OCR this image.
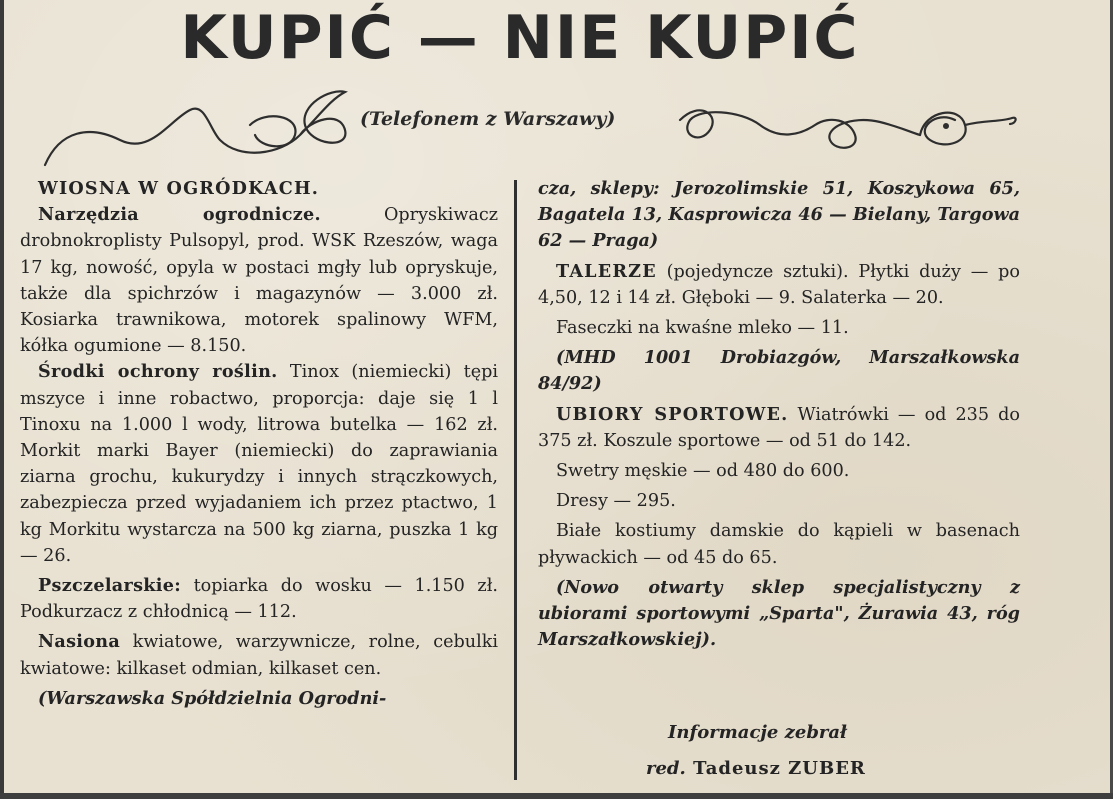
KUPIĆ — NIE KUPIĆ
(Telefonem z Warszawy)

WIOSNA W OGRÓDKACH.

Narzędzia ogrodnicze. Opryskiwacz drobnokroplisty Pulsopyl, prod. WSK Rzeszów, waga 17 kg, nowość, opyla w postaci mgły lub opryskuje, także dla spichrzów i magazynów — 3.000 zł. Kosiarka trawnikowa, motorek spalinowy WFM, kółka ogumione — 8.150.

Środki ochrony roślin. Tinox (niemiecki) tępi mszyce i inne robactwo, proporcja: daje się 1 l Tinoxu na 1.000 l wody, litrowa butelka — 162 zł. Morkit marki Bayer (niemiecki) do zaprawiania ziarna grochu, kukurydzy i innych strączkowych, zabezpiecza przed wyjadaniem ich przez ptactwo, 1 kg Morkitu wystarcza na 500 kg ziarna, puszka 1 kg — 26.

Pszczelarskie: topiarka do wosku — 1.150 zł. Podkurzacz z chłodnicą — 112.

Nasiona kwiatowe, warzywnicze, rolne, cebulki kwiatowe: kilkaset odmian, kilkaset cen.

(Warszawska Spółdzielnia Ogrodni-

cza, sklepy: Jerozolimskie 51, Koszykowa 65, Bagatela 13, Kasprowicza 46 — Bielany, Targowa 62 — Praga)

TALERZE (pojedyncze sztuki). Płytki duży — po 4,50, 12 i 14 zł. Głęboki — 9. Salaterka — 20.

Faseczki na kwaśne mleko — 11.

(MHD 1001 Drobiazgów, Marszałkowska 84/92)

UBIORY SPORTOWE. Wiatrówki — od 235 do 375 zł. Koszule sportowe — od 51 do 142.

Swetry męskie — od 480 do 600.

Dresy — 295.

Białe kostiumy damskie do kąpieli w basenach pływackich — od 45 do 65.

(Nowo otwarty sklep specjalistyczny z ubiorami sportowymi „Sparta", Żurawia 43, róg Marszałkowskiej).

Informacje zebrał
red. Tadeusz ZUBER
